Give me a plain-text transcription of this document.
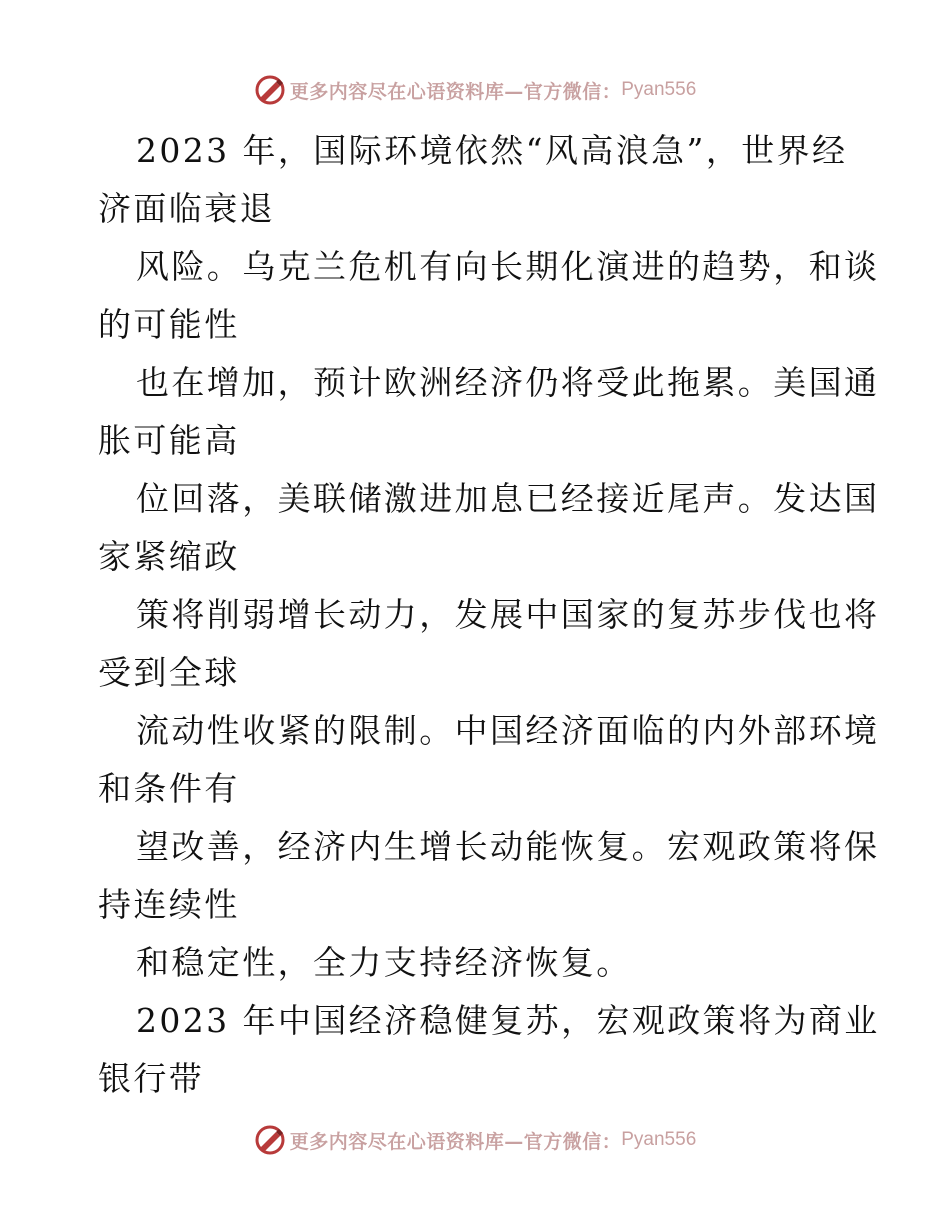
更多内容尽在心语资料库—官方微信： Pyan556
2023 年，国际环境依然“风高浪急”，世界经
济面临衰退
风险。乌克兰危机有向长期化演进的趋势，和谈
的可能性
也在增加，预计欧洲经济仍将受此拖累。美国通
胀可能高
位回落，美联储激进加息已经接近尾声。发达国
家紧缩政
策将削弱增长动力，发展中国家的复苏步伐也将
受到全球
流动性收紧的限制。中国经济面临的内外部环境
和条件有
望改善，经济内生增长动能恢复。宏观政策将保
持连续性
和稳定性，全力支持经济恢复。
2023 年中国经济稳健复苏，宏观政策将为商业
银行带
更多内容尽在心语资料库—官方微信： Pyan556
